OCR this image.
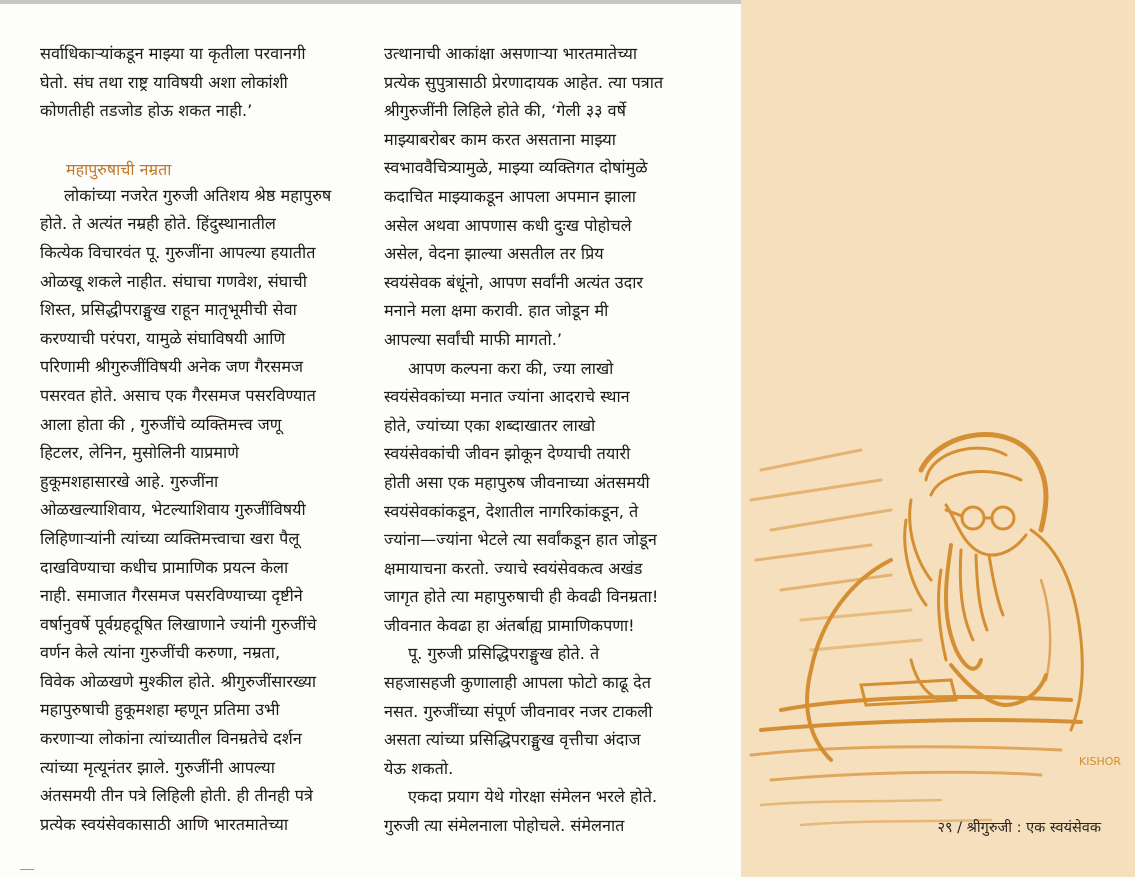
सर्वाधिकाऱ्यांकडून माझ्या या कृतीला परवानगी
घेतो. संघ तथा राष्ट्र याविषयी अशा लोकांशी
कोणतीही तडजोड होऊ शकत नाही.’
महापुरुषाची नम्रता
लोकांच्या नजरेत गुरुजी अतिशय श्रेष्ठ महापुरुष
होते. ते अत्यंत नम्रही होते. हिंदुस्थानातील
कित्येक विचारवंत पू. गुरुजींना आपल्या हयातीत
ओळखू शकले नाहीत. संघाचा गणवेश, संघाची
शिस्त, प्रसिद्धीपराङ्मुख राहून मातृभूमीची सेवा
करण्याची परंपरा, यामुळे संघाविषयी आणि
परिणामी श्रीगुरुजींविषयी अनेक जण गैरसमज
पसरवत होते. असाच एक गैरसमज पसरविण्यात
आला होता की , गुरुजींचे व्यक्तिमत्त्व जणू
हिटलर, लेनिन, मुसोलिनी याप्रमाणे
हुकूमशहासारखे आहे. गुरुजींना
ओळखल्याशिवाय, भेटल्याशिवाय गुरुजींविषयी
लिहिणाऱ्यांनी त्यांच्या व्यक्तिमत्त्वाचा खरा पैलू
दाखविण्याचा कधीच प्रामाणिक प्रयत्न केला
नाही. समाजात गैरसमज पसरविण्याच्या दृष्टीने
वर्षानुवर्षे पूर्वग्रहदूषित लिखाणाने ज्यांनी गुरुजींचे
वर्णन केले त्यांना गुरुजींची करुणा, नम्रता,
विवेक ओळखणे मुश्कील होते. श्रीगुरुजींसारख्या
महापुरुषाची हुकूमशहा म्हणून प्रतिमा उभी
करणाऱ्या लोकांना त्यांच्यातील विनम्रतेचे दर्शन
त्यांच्या मृत्यूनंतर झाले. गुरुजींनी आपल्या
अंतसमयी तीन पत्रे लिहिली होती. ही तीनही पत्रे
प्रत्येक स्वयंसेवकासाठी आणि भारतमातेच्या
उत्थानाची आकांक्षा असणाऱ्या भारतमातेच्या
प्रत्येक सुपुत्रासाठी प्रेरणादायक आहेत. त्या पत्रात
श्रीगुरुजींनी लिहिले होते की, ‘गेली ३३ वर्षे
माझ्याबरोबर काम करत असताना माझ्या
स्वभाववैचित्र्यामुळे, माझ्या व्यक्तिगत दोषांमुळे
कदाचित माझ्याकडून आपला अपमान झाला
असेल अथवा आपणास कधी दुःख पोहोचले
असेल, वेदना झाल्या असतील तर प्रिय
स्वयंसेवक बंधूंनो, आपण सर्वांनी अत्यंत उदार
मनाने मला क्षमा करावी. हात जोडून मी
आपल्या सर्वांची माफी मागतो.’
आपण कल्पना करा की, ज्या लाखो
स्वयंसेवकांच्या मनात ज्यांना आदराचे स्थान
होते, ज्यांच्या एका शब्दाखातर लाखो
स्वयंसेवकांची जीवन झोकून देण्याची तयारी
होती असा एक महापुरुष जीवनाच्या अंतसमयी
स्वयंसेवकांकडून, देशातील नागरिकांकडून, ते
ज्यांना—ज्यांना भेटले त्या सर्वांकडून हात जोडून
क्षमायाचना करतो. ज्याचे स्वयंसेवकत्व अखंड
जागृत होते त्या महापुरुषाची ही केवढी विनम्रता!
जीवनात केवढा हा अंतर्बाह्य प्रामाणिकपणा!
पू. गुरुजी प्रसिद्धिपराङ्मुख होते. ते
सहजासहजी कुणालाही आपला फोटो काढू देत
नसत. गुरुजींच्या संपूर्ण जीवनावर नजर टाकली
असता त्यांच्या प्रसिद्धिपराङ्मुख वृत्तीचा अंदाज
येऊ शकतो.
एकदा प्रयाग येथे गोरक्षा संमेलन भरले होते.
गुरुजी त्या संमेलनाला पोहोचले. संमेलनात
KISHOR
२९ / श्रीगुरुजी : एक स्वयंसेवक
